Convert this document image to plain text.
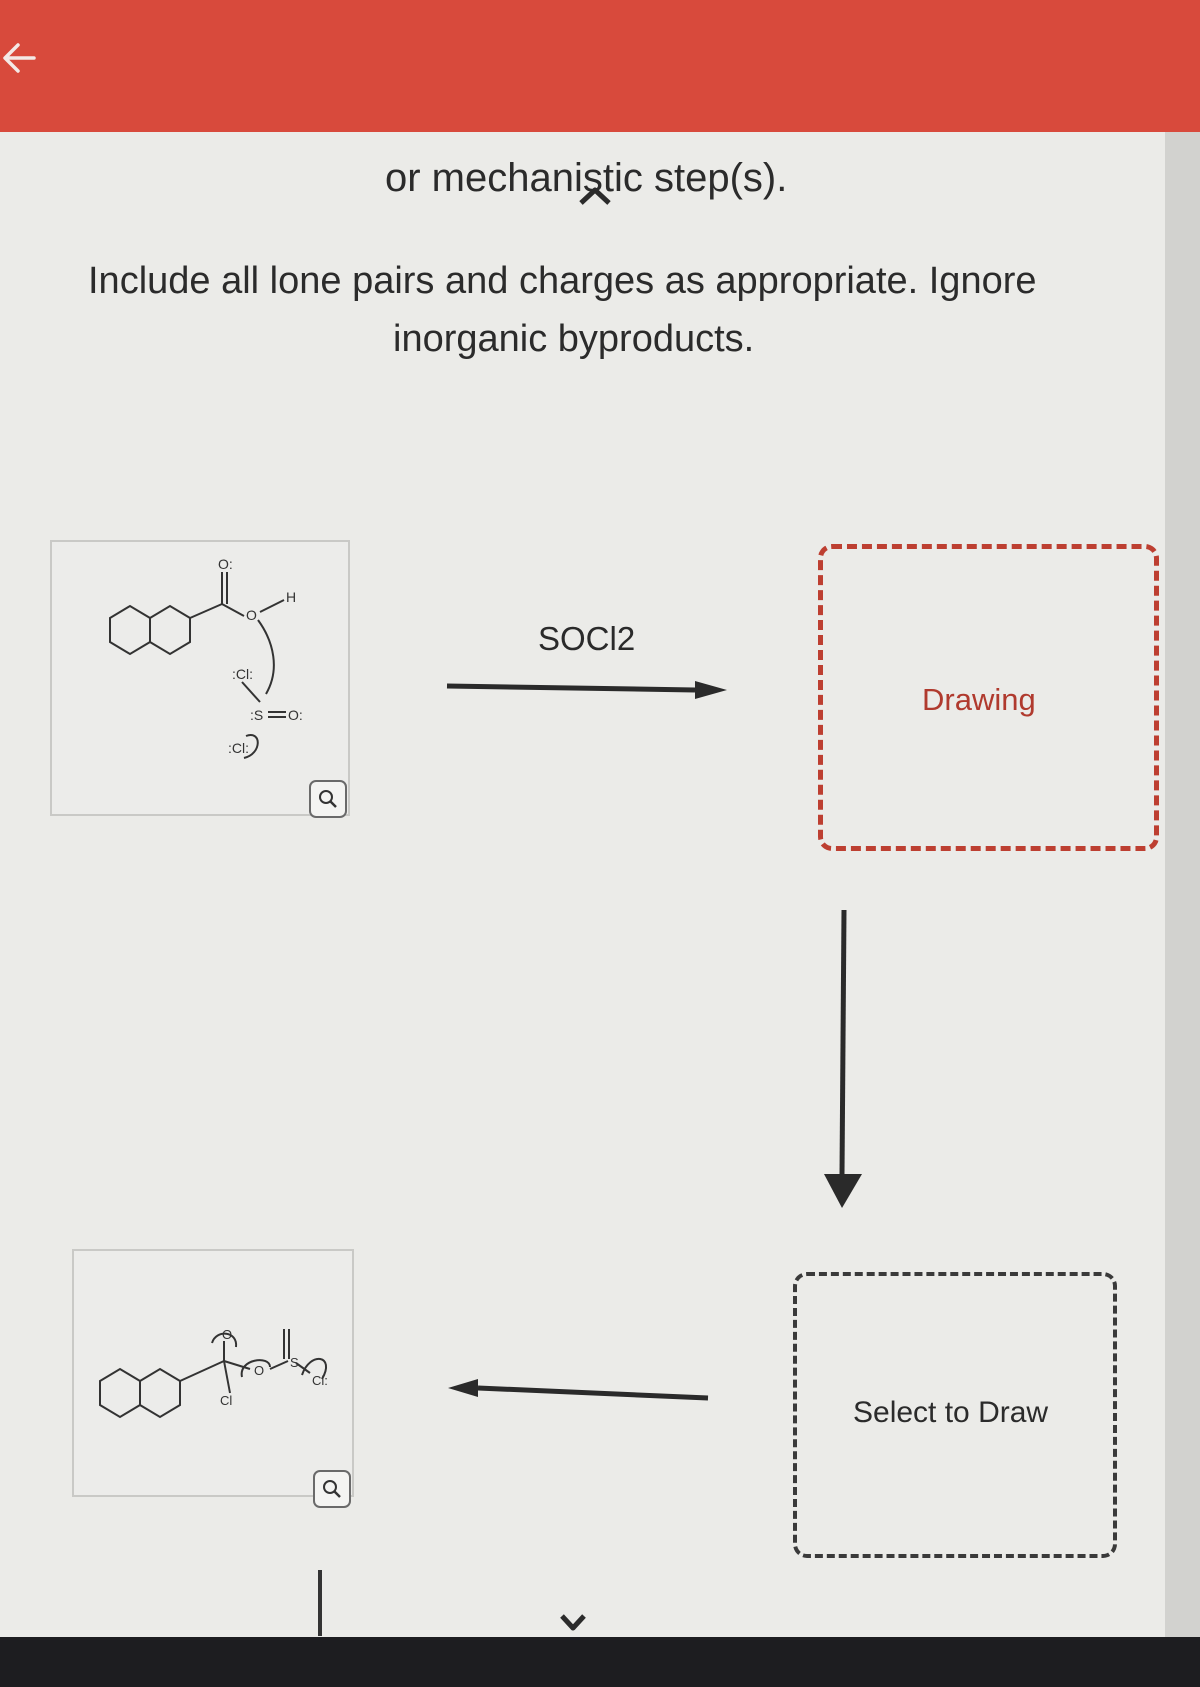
or mechanistic step(s).
Include all lone pairs and charges as appropriate. Ignore
inorganic byproducts.
O:
H
O
:Cl:
:S O:
:Cl:
SOCl2
Drawing
Select to Draw
O
O
Cl
S
Cl:
